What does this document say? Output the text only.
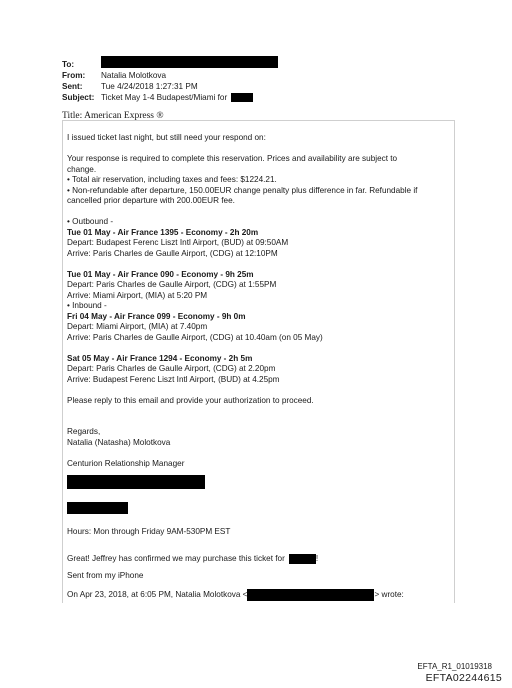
To:
From:	Natalia Molotkova
Sent:	Tue 4/24/2018 1:27:31 PM
Subject: Ticket May 1-4 Budapest/Miami for
Title: American Express ®

I issued ticket last night, but still need your respond on:

Your response is required to complete this reservation. Prices and availability are subject to

change.

• Total air reservation, including taxes and fees: $1224.21.

• Non-refundable after departure, 150.00EUR change penalty plus difference in far. Refundable if

cancelled prior departure with 200.00EUR fee.

• Outbound -

Tue 01 May - Air France 1395 - Economy - 2h 20m

Depart: Budapest Ferenc Liszt Intl Airport, (BUD) at 09:50AM

Arrive: Paris Charles de Gaulle Airport, (CDG) at 12:10PM

Tue 01 May - Air France 090 - Economy - 9h 25m

Depart: Paris Charles de Gaulle Airport, (CDG) at 1:55PM

Arrive: Miami Airport, (MIA) at 5:20 PM

• Inbound -

Fri 04 May - Air France 099 - Economy - 9h 0m

Depart: Miami Airport, (MIA) at 7.40pm

Arrive: Paris Charles de Gaulle Airport, (CDG) at 10.40am (on 05 May)

Sat 05 May - Air France 1294 - Economy - 2h 5m

Depart: Paris Charles de Gaulle Airport, (CDG) at 2.20pm

Arrive: Budapest Ferenc Liszt Intl Airport, (BUD) at 4.25pm

Please reply to this email and provide your authorization to proceed.

Regards,

Natalia (Natasha) Molotkova

Centurion Relationship Manager

Hours: Mon through Friday 9AM-530PM EST

Great! Jeffrey has confirmed we may purchase this ticket for	!

Sent from my iPhone

On Apr 23, 2018, at 6:05 PM, Natalia Molotkova <	> wrote:

EFTA_R1_01019318
EFTA02244615
